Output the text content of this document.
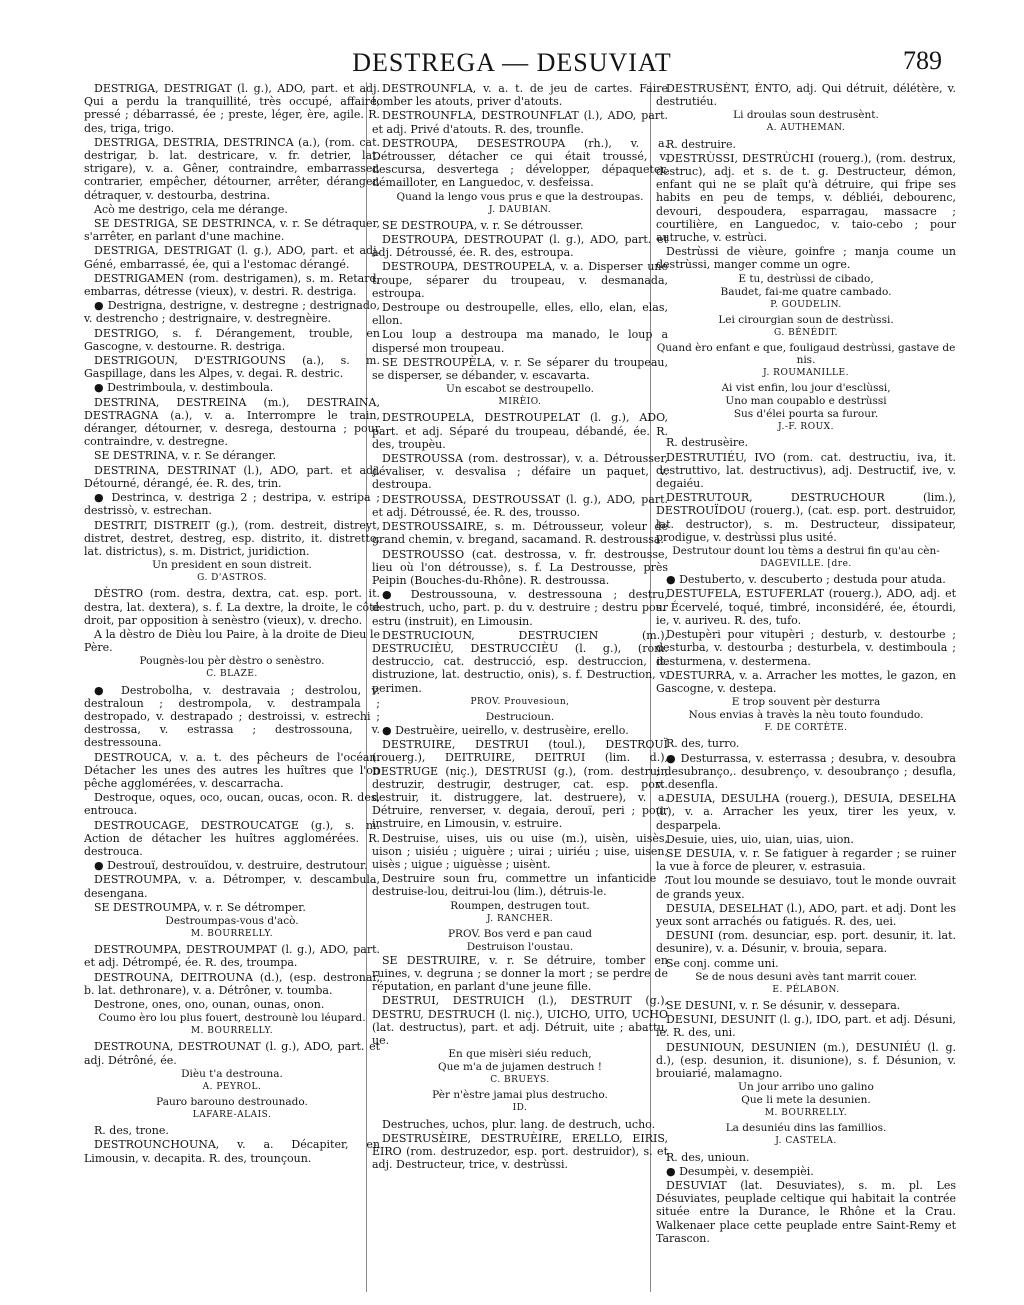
DESTREGA — DESUVIAT	789
DESTRIGA, DESTRIGAT (l. g.), ADO, part. et adj. Qui a perdu la tranquillité, très occupé, affairé, pressé ; débarrassé, ée ; preste, léger, ère, agile. R. des, triga, trigo.
DESTRIGA, DESTRIA, DESTRINCA (a.), (rom. cat. destrigar, b. lat. destricare, v. fr. detrier, lat. strigare), v. a. Gêner, contraindre, embarrasser, contrarier, empêcher, détourner, arrêter, déranger, détraquer, v. destourba, destrina.
Acò me destrigo, cela me dérange.
SE DESTRIGA, SE DESTRINCA, v. r. Se détraquer, s'arrêter, en parlant d'une machine.
DESTRIGA, DESTRIGAT (l. g.), ADO, part. et adj. Géné, embarrassé, ée, qui a l'estomac dérangé.
DESTRIGAMEN (rom. destrigamen), s. m. Retard, embarras, détresse (vieux), v. destri. R. destriga.
● Destrigna, destrigne, v. destregne ; destrignado, v. destrencho ; destrignaire, v. destregnèire.
DESTRIGO, s. f. Dérangement, trouble, en Gascogne, v. destourne. R. destriga.
DESTRIGOUN, D'ESTRIGOUNS (a.), s. m. Gaspillage, dans les Alpes, v. degai. R. destric.
● Destrimboula, v. destimboula.
DESTRINA, DESTREINA (m.), DESTRAINA, DESTRAGNA (a.), v. a. Interrompre le train, déranger, détourner, v. desrega, destourna ; pour contraindre, v. destregne.
SE DESTRINA, v. r. Se déranger.
DESTRINA, DESTRINAT (l.), ADO, part. et adj. Détourné, dérangé, ée. R. des, trin.
● Destrinca, v. destriga 2 ; destripa, v. estripa ; destrissò, v. estrechan.
DESTRIT, DISTREIT (g.), (rom. destreit, distreyt, distret, destret, destreg, esp. distrito, it. distretto, lat. districtus), s. m. District, juridiction.
Un president en soun distreit.
G. D'ASTROS.
DÈSTRO (rom. destra, dextra, cat. esp. port. it. destra, lat. dextera), s. f. La dextre, la droite, le côté droit, par opposition à senèstro (vieux), v. drecho.
A la dèstro de Dièu lou Paire, à la droite de Dieu le Père.
Pougnès-lou pèr dèstro o senèstro.
C. BLAZE.
● Destrobolha, v. destravaia ; destrolou, v. destraloun ; destrompola, v. destrampala ; destropado, v. destrapado ; destroissi, v. estrechi ; destrossa, v. estrassa ; destrossouna, v. destressouna.
DESTROUCA, v. a. t. des pêcheurs de l'océan. Détacher les unes des autres les huîtres que l'on pêche agglomérées, v. descarracha.
Destroque, oques, oco, oucan, oucas, ocon. R. des, entrouca.
DESTROUCAGE, DESTROUCATGE (g.), s. m. Action de détacher les huîtres agglomérées. R. destrouca.
● Destrouï, destrouïdou, v. destruire, destrutour.
DESTROUMPA, v. a. Détromper, v. descambula, desengana.
SE DESTROUMPA, v. r. Se détromper.
Destroumpas-vous d'acò.
M. BOURRELLY.
DESTROUMPA, DESTROUMPAT (l. g.), ADO, part. et adj. Détrompé, ée. R. des, troumpa.
DESTROUNA, DEITROUNA (d.), (esp. destronar, b. lat. dethronare), v. a. Détrôner, v. toumba.
Destrone, ones, ono, ounan, ounas, onon.
Coumo èro lou plus fouert, destrounè lou léupard.
M. BOURRELLY.
DESTROUNA, DESTROUNAT (l. g.), ADO, part. et adj. Détrôné, ée.
Dièu t'a destrouna.
A. PEYROL.
Pauro barouno destrounado.
LAFARE-ALAIS.
R. des, trone.
DESTROUNCHOUNA, v. a. Décapiter, en Limousin, v. decapita. R. des, trounçoun.
DESTROUNFLA, v. a. t. de jeu de cartes. Faire tomber les atouts, priver d'atouts.
DESTROUNFLA, DESTROUNFLAT (l.), ADO, part. et adj. Privé d'atouts. R. des, trounfle.
DESTROUPA, DESESTROUPA (rh.), v. a. Détrousser, détacher ce qui était troussé, v. descursa, desvertega ; développer, dépaqueter, démailloter, en Languedoc, v. desfeissa.
Quand la lengo vous prus e que la destroupas.
J. DAUBIAN.
SE DESTROUPA, v. r. Se détrousser.
DESTROUPA, DESTROUPAT (l. g.), ADO, part. et adj. Détroussé, ée. R. des, estroupa.
DESTROUPA, DESTROUPELA, v. a. Disperser une troupe, séparer du troupeau, v. desmanada, estroupa.
Destroupe ou destroupelle, elles, ello, elan, elas, ellon.
Lou loup a destroupa ma manado, le loup a dispersé mon troupeau.
SE DESTROUPÈLA, v. r. Se séparer du troupeau, se disperser, se débander, v. escavarta.
Un escabot se destroupello.
MIRÈIO.
DESTROUPELA, DESTROUPELAT (l. g.), ADO, part. et adj. Séparé du troupeau, débandé, ée. R. des, troupèu.
DESTROUSSA (rom. destrossar), v. a. Détrousser, dévaliser, v. desvalisa ; défaire un paquet, v. destroupa.
DESTROUSSA, DESTROUSSAT (l. g.), ADO, part. et adj. Détroussé, ée. R. des, trousso.
DESTROUSSAIRE, s. m. Détrousseur, voleur de grand chemin, v. bregand, sacamand. R. destroussa.
DESTROUSSO (cat. destrossa, v. fr. destrousse, lieu où l'on détrousse), s. f. La Destrousse, près Peipin (Bouches-du-Rhône). R. destroussa.
● Destroussouna, v. destressouna ; destru, destruch, ucho, part. p. du v. destruire ; destru pour estru (instruit), en Limousin.
DESTRUCIOUN, DESTRUCIEN (m.), DESTRUCIÈU, DESTRUCCIÈU (l. g.), (rom. destruccio, cat. destrucció, esp. destruccion, it. distruzione, lat. destructio, onis), s. f. Destruction, v. perimen.
PROV. Prouvesioun,
Destrucioun.
● Destruèire, ueirello, v. destrusèire, erello.
DESTRUIRE, DESTRUI (toul.), DESTROUÏ (rouerg.), DEITRUIRE, DEITRUI (lim. d.), DESTRUGE (niç.), DESTRUSI (g.), (rom. destruir, destruzir, destrugir, destruger, cat. esp. port. destruir, it. distruggere, lat. destruere), v. a. Détruire, renverser, v. degaia, derouï, peri ; pour instruire, en Limousin, v. estruire.
Destruise, uises, uis ou uise (m.), uisèn, uisès, uison ; uisiéu ; uiguère ; uirai ; uiriéu ; uise, uisen, uisès ; uigue ; uiguèsse ; uisènt.
Destruire soun fru, commettre un infanticide ; destruise-lou, deitrui-lou (lim.), détruis-le.
Roumpen, destrugen tout.
J. RANCHER.
PROV. Bos verd e pan caud
Destruison l'oustau.
SE DESTRUIRE, v. r. Se détruire, tomber en ruines, v. degruna ; se donner la mort ; se perdre de réputation, en parlant d'une jeune fille.
DESTRUI, DESTRUICH (l.), DESTRUIT (g.), DESTRU, DESTRUCH (l. niç.), UICHO, UITO, UCHO (lat. destructus), part. et adj. Détruit, uite ; abattu, ue.
En que misèri siéu reduch,
Que m'a de jujamen destruch !
C. BRUEYS.
Pèr n'èstre jamai plus destrucho.
ID.
Destruches, uchos, plur. lang. de destruch, ucho.
DESTRUSÈIRE, DESTRUÈIRE, ERELLO, EIRIS, ÈIRO (rom. destruzedor, esp. port. destruidor), s. et adj. Destructeur, trice, v. destrùssi.
DESTRUSÈNT, ÈNTO, adj. Qui détruit, délétère, v. destrutiéu.
Li droulas soun destrusènt.
A. AUTHEMAN.
R. destruire.
DESTRÙSSI, DESTRÙCHI (rouerg.), (rom. destrux, destruc), adj. et s. de t. g. Destructeur, démon, enfant qui ne se plaît qu'à détruire, qui fripe ses habits en peu de temps, v. débliéi, debourenc, devouri, despoudera, esparragau, massacre ; courtilière, en Languedoc, v. taio-cebo ; pour autruche, v. estrùci.
Destrùssi de vièure, goinfre ; manja coume un destrùssi, manger comme un ogre.
E tu, destrùssi de cibado,
Baudet, fai-me quatre cambado.
P. GOUDELIN.
Lei cirourgian soun de destrùssi.
G. BÉNÉDIT.
Quand èro enfant e que, fouligaud destrùssi, gastave de nis.
J. ROUMANILLE.
Ai vist enfin, lou jour d'esclùssi,
Uno man coupablo e destrùssi
Sus d'élei pourta sa furour.
J.-F. ROUX.
R. destrusèire.
DESTRUTIÉU, IVO (rom. cat. destructiu, iva, it. destruttivo, lat. destructivus), adj. Destructif, ive, v. degaiéu.
DESTRUTOUR, DESTRUCHOUR (lim.), DESTROUÏDOU (rouerg.), (cat. esp. port. destruidor, lat. destructor), s. m. Destructeur, dissipateur, prodigue, v. destrùssi plus usité.
Destrutour dount lou tèms a destrui fin qu'au cèn-
DAGEVILLE. [dre.
● Destuberto, v. descuberto ; destuda pour atuda.
DESTUFELA, ESTUFERLAT (rouerg.), ADO, adj. et s. Écervelé, toqué, timbré, inconsidéré, ée, étourdi, ie, v. auriveu. R. des, tufo.
Destupèri pour vitupèri ; desturb, v. destourbe ; desturba, v. destourba ; desturbela, v. destimboula ; desturmena, v. destermena.
DESTURRA, v. a. Arracher les mottes, le gazon, en Gascogne, v. destepa.
E trop souvent pèr desturra
Nous envias à travès la nèu touto foundudo.
F. DE CORTÈTE.
R. des, turro.
● Desturrassa, v. esterrassa ; desubra, v. desoubra ; desubranço,. desubrenço, v. desoubranço ; desufla, v. desenfla.
DESUIA, DESULHA (rouerg.), DESUIA, DESELHA (l.), v. a. Arracher les yeux, tirer les yeux, v. desparpela.
Desuie, uies, uio, uian, uias, uion.
SE DESUIA, v. r. Se fatiguer à regarder ; se ruiner la vue à force de pleurer, v. estrasuia.
Tout lou mounde se desuiavo, tout le monde ouvrait de grands yeux.
DESUIA, DESELHAT (l.), ADO, part. et adj. Dont les yeux sont arrachés ou fatigués. R. des, uei.
DESUNI (rom. desunciar, esp. port. desunir, it. lat. desunire), v. a. Désunir, v. brouia, separa.
Se conj. comme uni.
Se de nous desuni avès tant marrit couer.
E. PÉLABON.
SE DESUNI, v. r. Se désunir, v. dessepara.
DESUNI, DESUNIT (l. g.), IDO, part. et adj. Désuni, ie. R. des, uni.
DESUNIOUN, DESUNIEN (m.), DESUNIÉU (l. g. d.), (esp. desunion, it. disunione), s. f. Désunion, v. brouiarié, malamagno.
Un jour arribo uno galino
Que li mete la desunien.
M. BOURRELLY.
La desuniéu dins las famillios.
J. CASTELA.
R. des, unioun.
● Desumpèi, v. desempièi.
DESUVIAT (lat. Desuviates), s. m. pl. Les Désuviates, peuplade celtique qui habitait la contrée située entre la Durance, le Rhône et la Crau. Walkenaer place cette peuplade entre Saint-Remy et Tarascon.
